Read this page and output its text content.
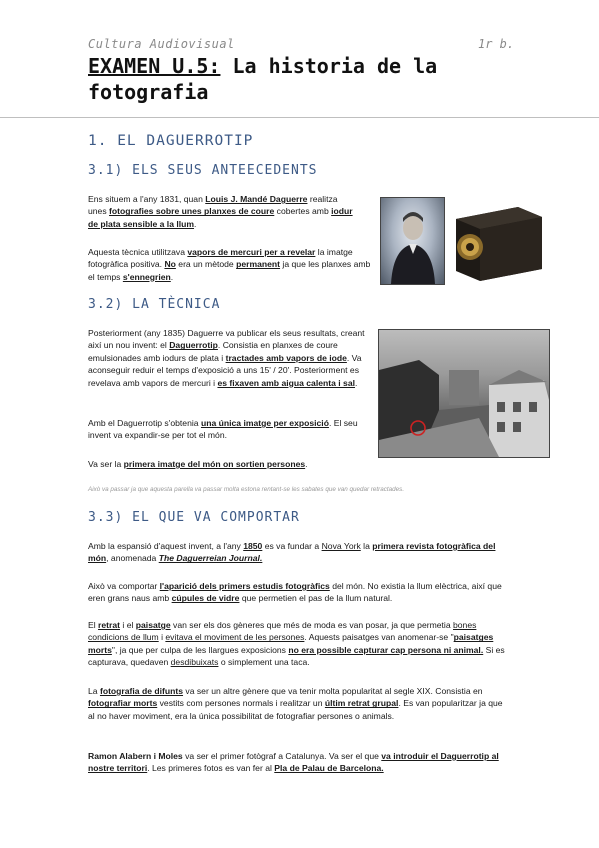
Cultura Audiovisual	1r b.
EXAMEN U.5: La historia de la fotografia
1. EL DAGUERROTIP
3.1) ELS SEUS ANTEECEDENTS
Ens situem a l'any 1831, quan Louis J. Mandé Daguerre realitza unes fotografies sobre unes planxes de coure cobertes amb iodur de plata sensible a la llum.
Aquesta tècnica utilitzava vapors de mercuri per a revelar la imatge fotogràfica positiva. No era un mètode permanent ja que les planxes amb el temps s'ennegrien.
3.2) LA TÈCNICA
Posteriorment (any 1835) Daguerre va publicar els seus resultats, creant així un nou invent: el Daguerrotip. Consistia en planxes de coure emulsionades amb iodurs de plata i tractades amb vapors de iode. Va aconseguir reduir el temps d'exposició a uns 15' / 20'. Posteriorment es revelava amb vapors de mercuri i es fixaven amb aigua calenta i sal.
Amb el Daguerrotip s'obtenia una única imatge per exposició. El seu invent va expandir-se per tot el món.
Va ser la primera imatge del món on sortien persones.
Això va passar ja que aquesta parella va passar molta estona rentant-se les sabates que van quedar retractades.
3.3) EL QUE VA COMPORTAR
Amb la espansió d'aquest invent, a l'any 1850 es va fundar a Nova York la primera revista fotogràfica del món, anomenada The Daguerreian Journal.
Això va comportar l'aparició dels primers estudis fotogràfics del món. No existia la llum elèctrica, així que eren grans naus amb cúpules de vidre que permetien el pas de la llum natural.
El retrat i el paisatge van ser els dos gèneres que més de moda es van posar, ja que permetia bones condicions de llum i evitava el moviment de les persones. Aquests paisatges van anomenar-se "paisatges morts", ja que per culpa de les llargues exposicions no era possible capturar cap persona ni animal. Si es capturava, quedaven desdibuixats o simplement una taca.
La fotografia de difunts va ser un altre gènere que va tenir molta popularitat al segle XIX. Consistia en fotografiar morts vestits com persones normals i realitzar un últim retrat grupal. Es van popularitzar ja que al no haver moviment, era la única possibilitat de fotografiar persones o animals.
Ramon Alabern i Moles va ser el primer fotògraf a Catalunya. Va ser el que va introduir el Daguerrotip al nostre territori. Les primeres fotos es van fer al Pla de Palau de Barcelona.
